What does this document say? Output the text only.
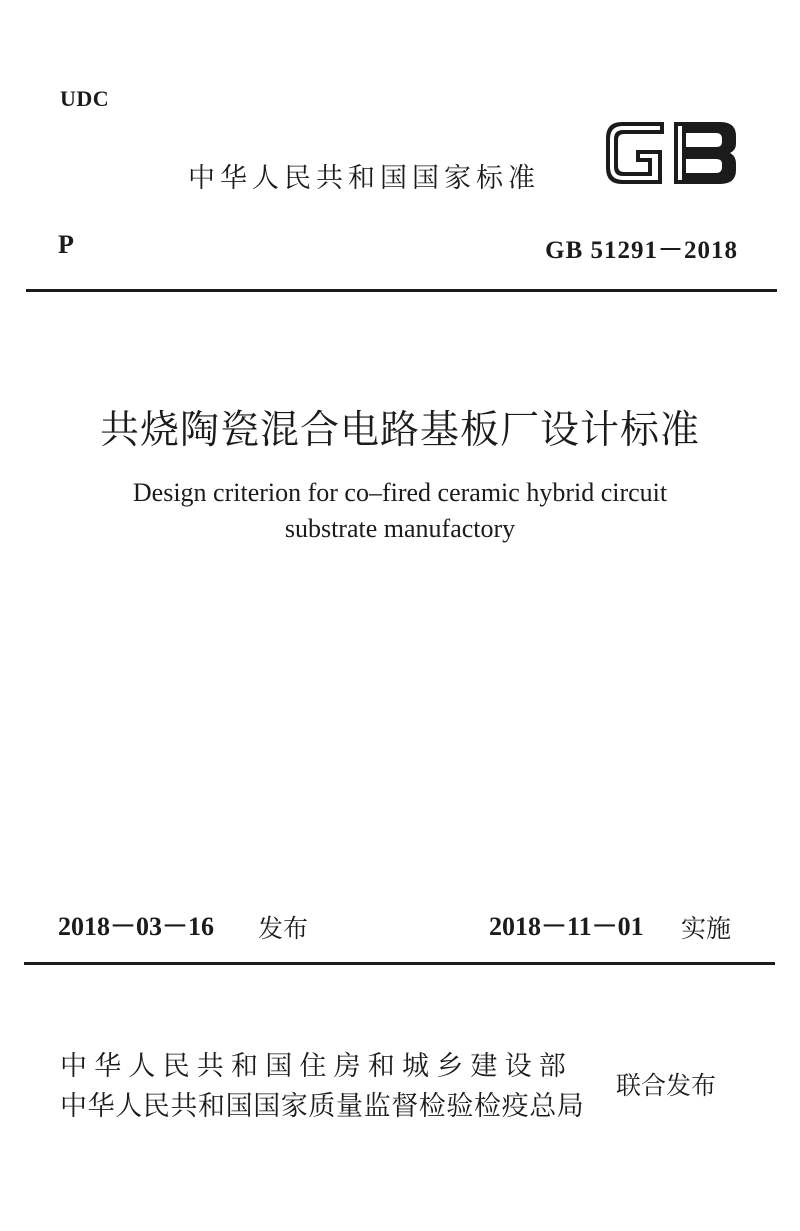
UDC
中华人民共和国国家标准
P	GB 51291－2018
共烧陶瓷混合电路基板厂设计标准
Design criterion for co–fired ceramic hybrid circuit
substrate manufactory
2018－03－16 发布	2018－11－01 实施
中华人民共和国住房和城乡建设部
中华人民共和国国家质量监督检验检疫总局
联合发布
